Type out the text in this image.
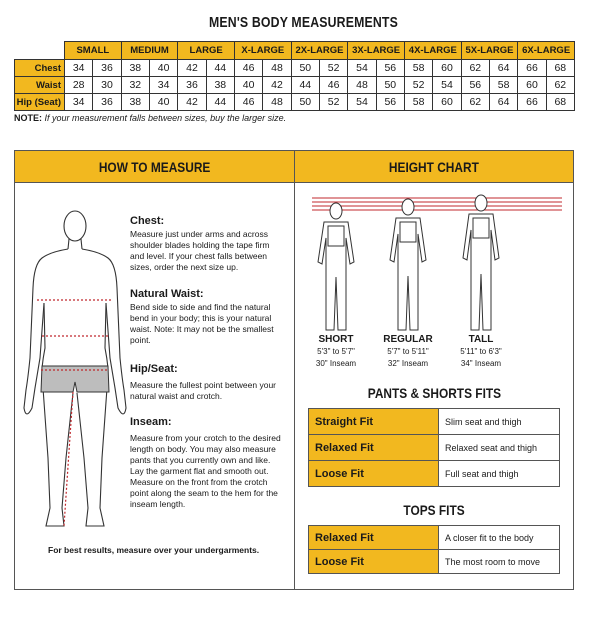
MEN'S BODY MEASUREMENTS
	SMALL		MEDIUM		LARGE		X-LARGE		2X-LARGE		3X-LARGE		4X-LARGE		5X-LARGE		6X-LARGE	
Chest	34	36	38	40	42	44	46	48	50	52	54	56	58	60	62	64	66	68
Waist	28	30	32	34	36	38	40	42	44	46	48	50	52	54	56	58	60	62
Hip (Seat)	34	36	38	40	42	44	46	48	50	52	54	56	58	60	62	64	66	68
NOTE: If your measurement falls between sizes, buy the larger size.
HOW TO MEASURE	HEIGHT CHART
Chest:
Measure just under arms and across shoulder blades holding the tape firm and level. If your chest falls between sizes, order the next size up.
Natural Waist:
Bend side to side and find the natural bend in your body; this is your natural waist. Note: It may not be the smallest point.
Hip/Seat:
Measure the fullest point between your natural waist and crotch.
Inseam:
Measure from your crotch to the desired length on body. You may also measure pants that you currently own and like. Lay the garment flat and smooth out. Measure on the front from the crotch point along the seam to the hem for the inseam length.
For best results, measure over your undergarments.
SHORT
5'3" to 5'7"
30" Inseam
REGULAR
5'7" to 5'11"
32" Inseam
TALL
5'11" to 6'3"
34" Inseam
PANTS & SHORTS FITS
Straight Fit	Slim seat and thigh
Relaxed Fit	Relaxed seat and thigh
Loose Fit	Full seat and thigh
TOPS FITS
Relaxed Fit	A closer fit to the body
Loose Fit	The most room to move
